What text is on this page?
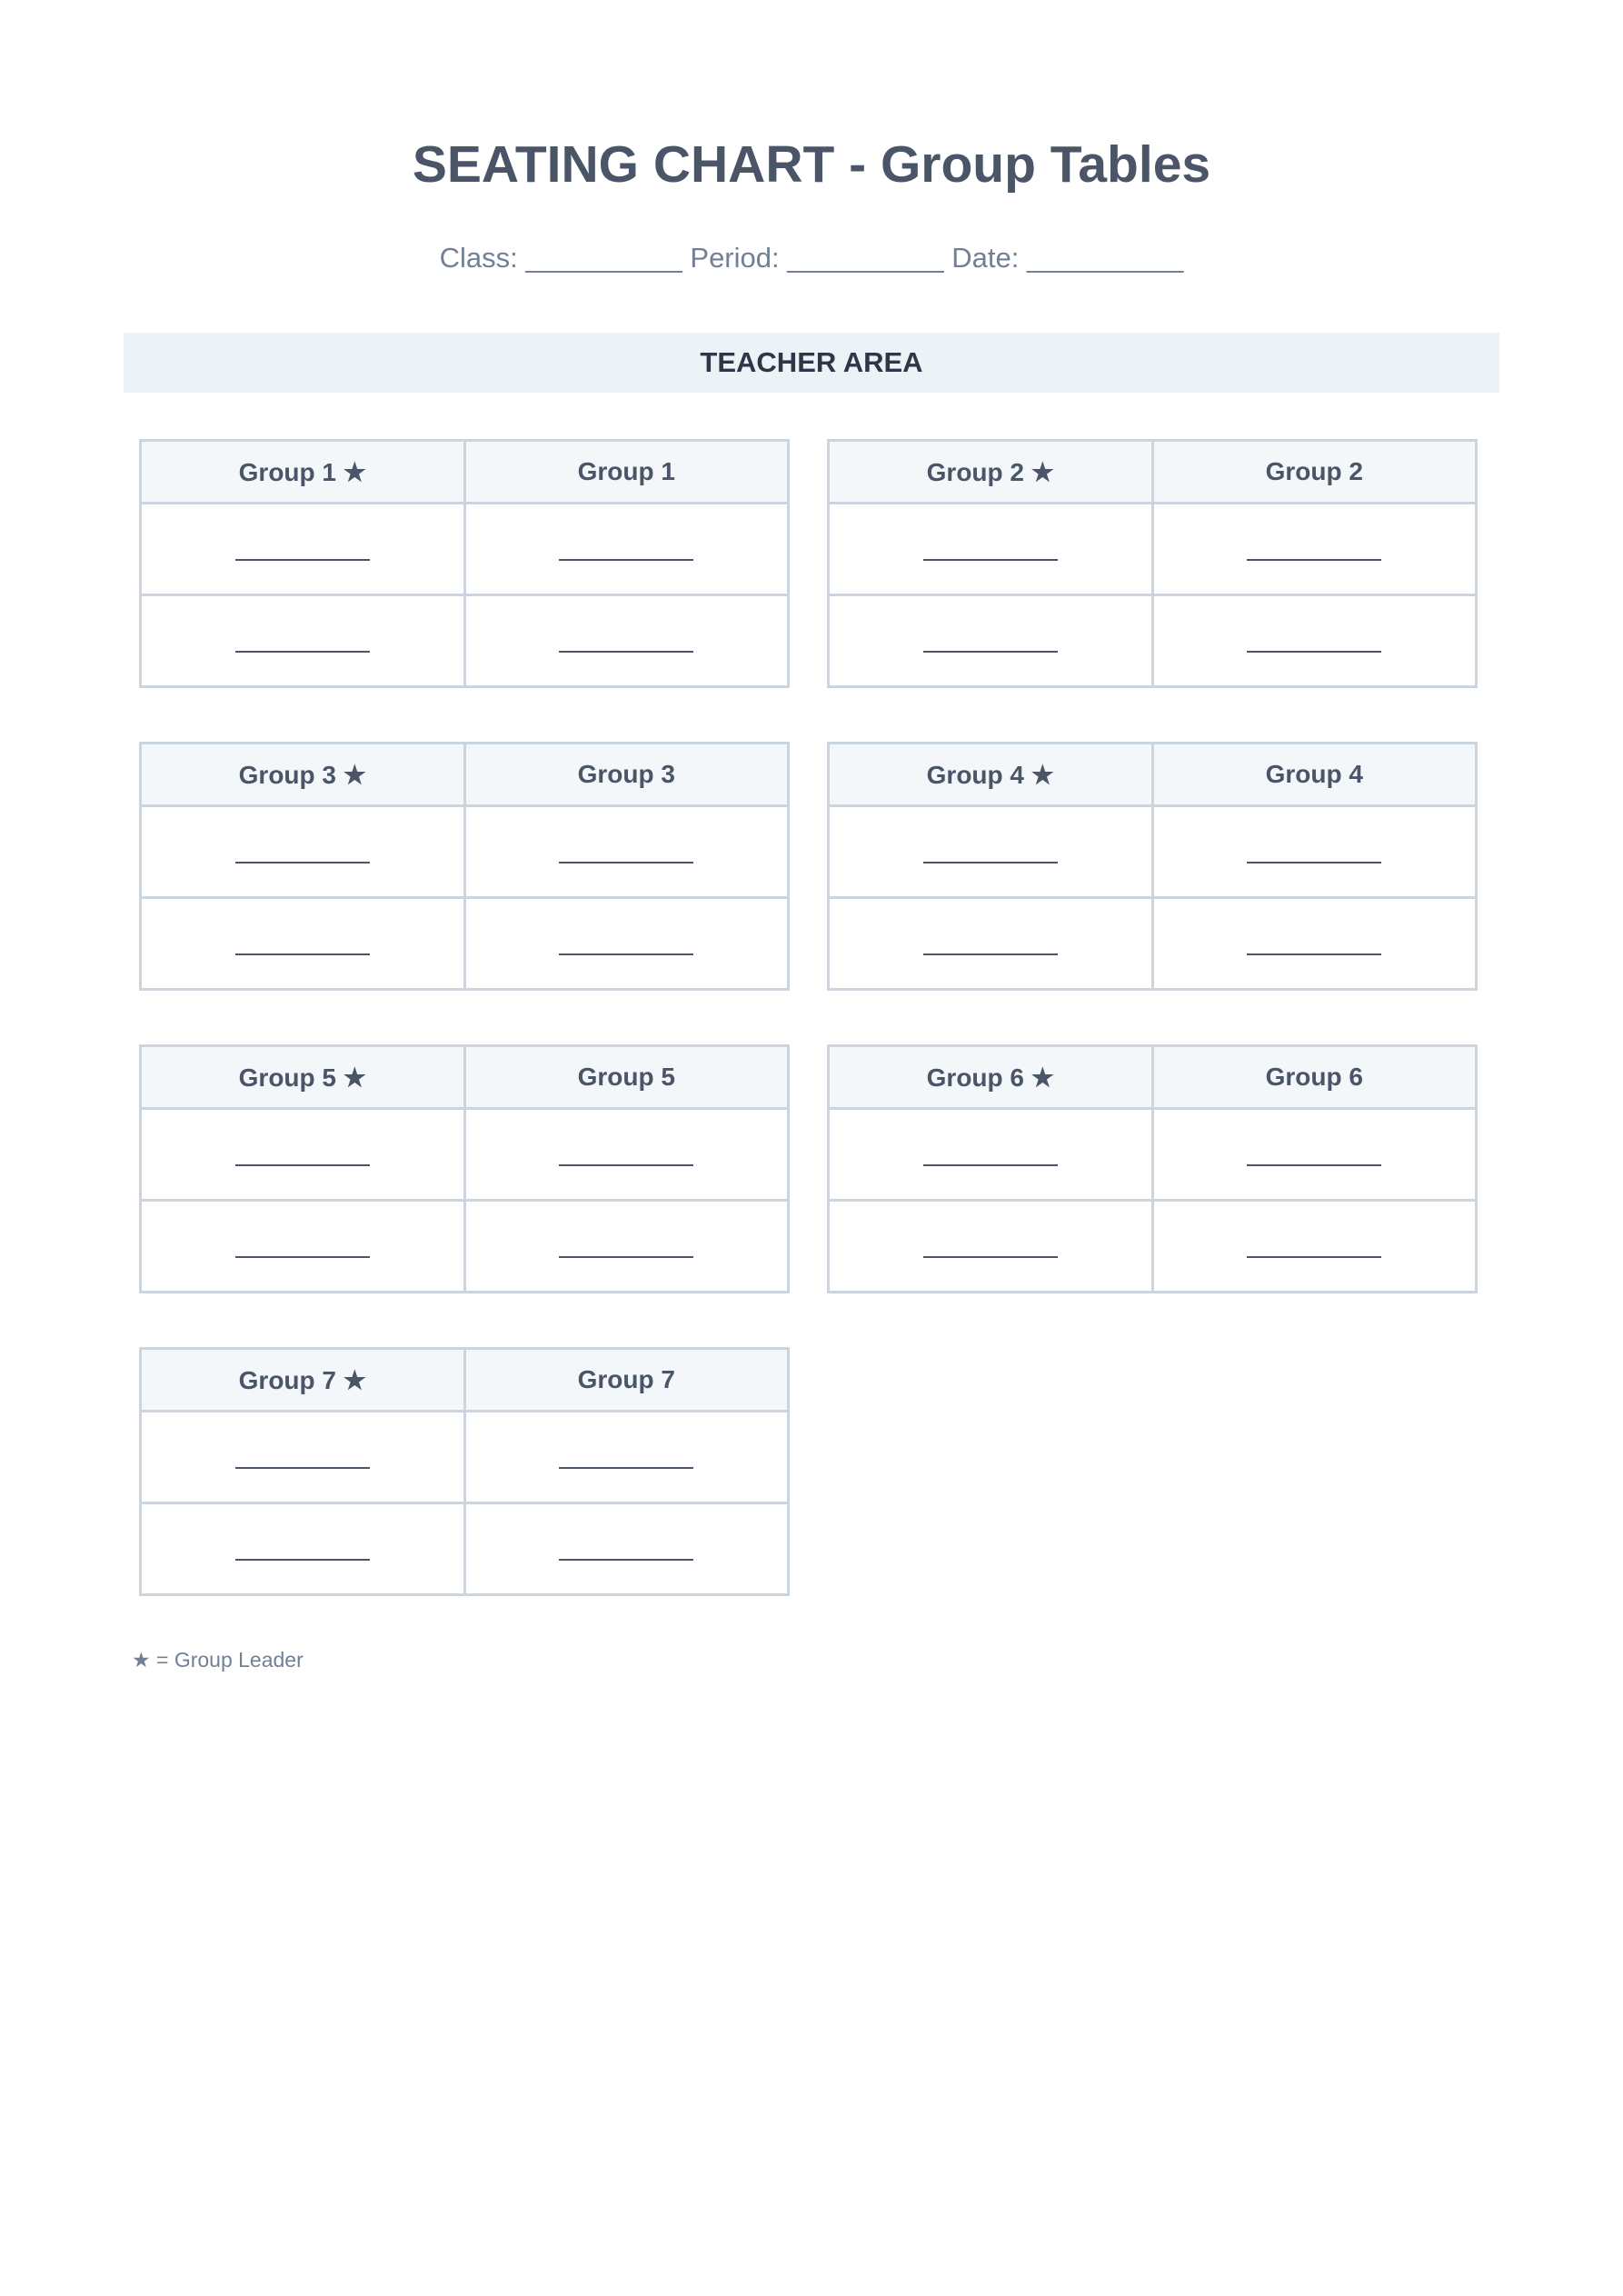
SEATING CHART - Group Tables
Class: __________ Period: __________ Date: __________
TEACHER AREA
Group 1 ★	Group 1

		Group 2 ★	Group 2

Group 3 ★	Group 3

		Group 4 ★	Group 4

Group 5 ★	Group 5

		Group 6 ★	Group 6

Group 7 ★	Group 7

★ = Group Leader
